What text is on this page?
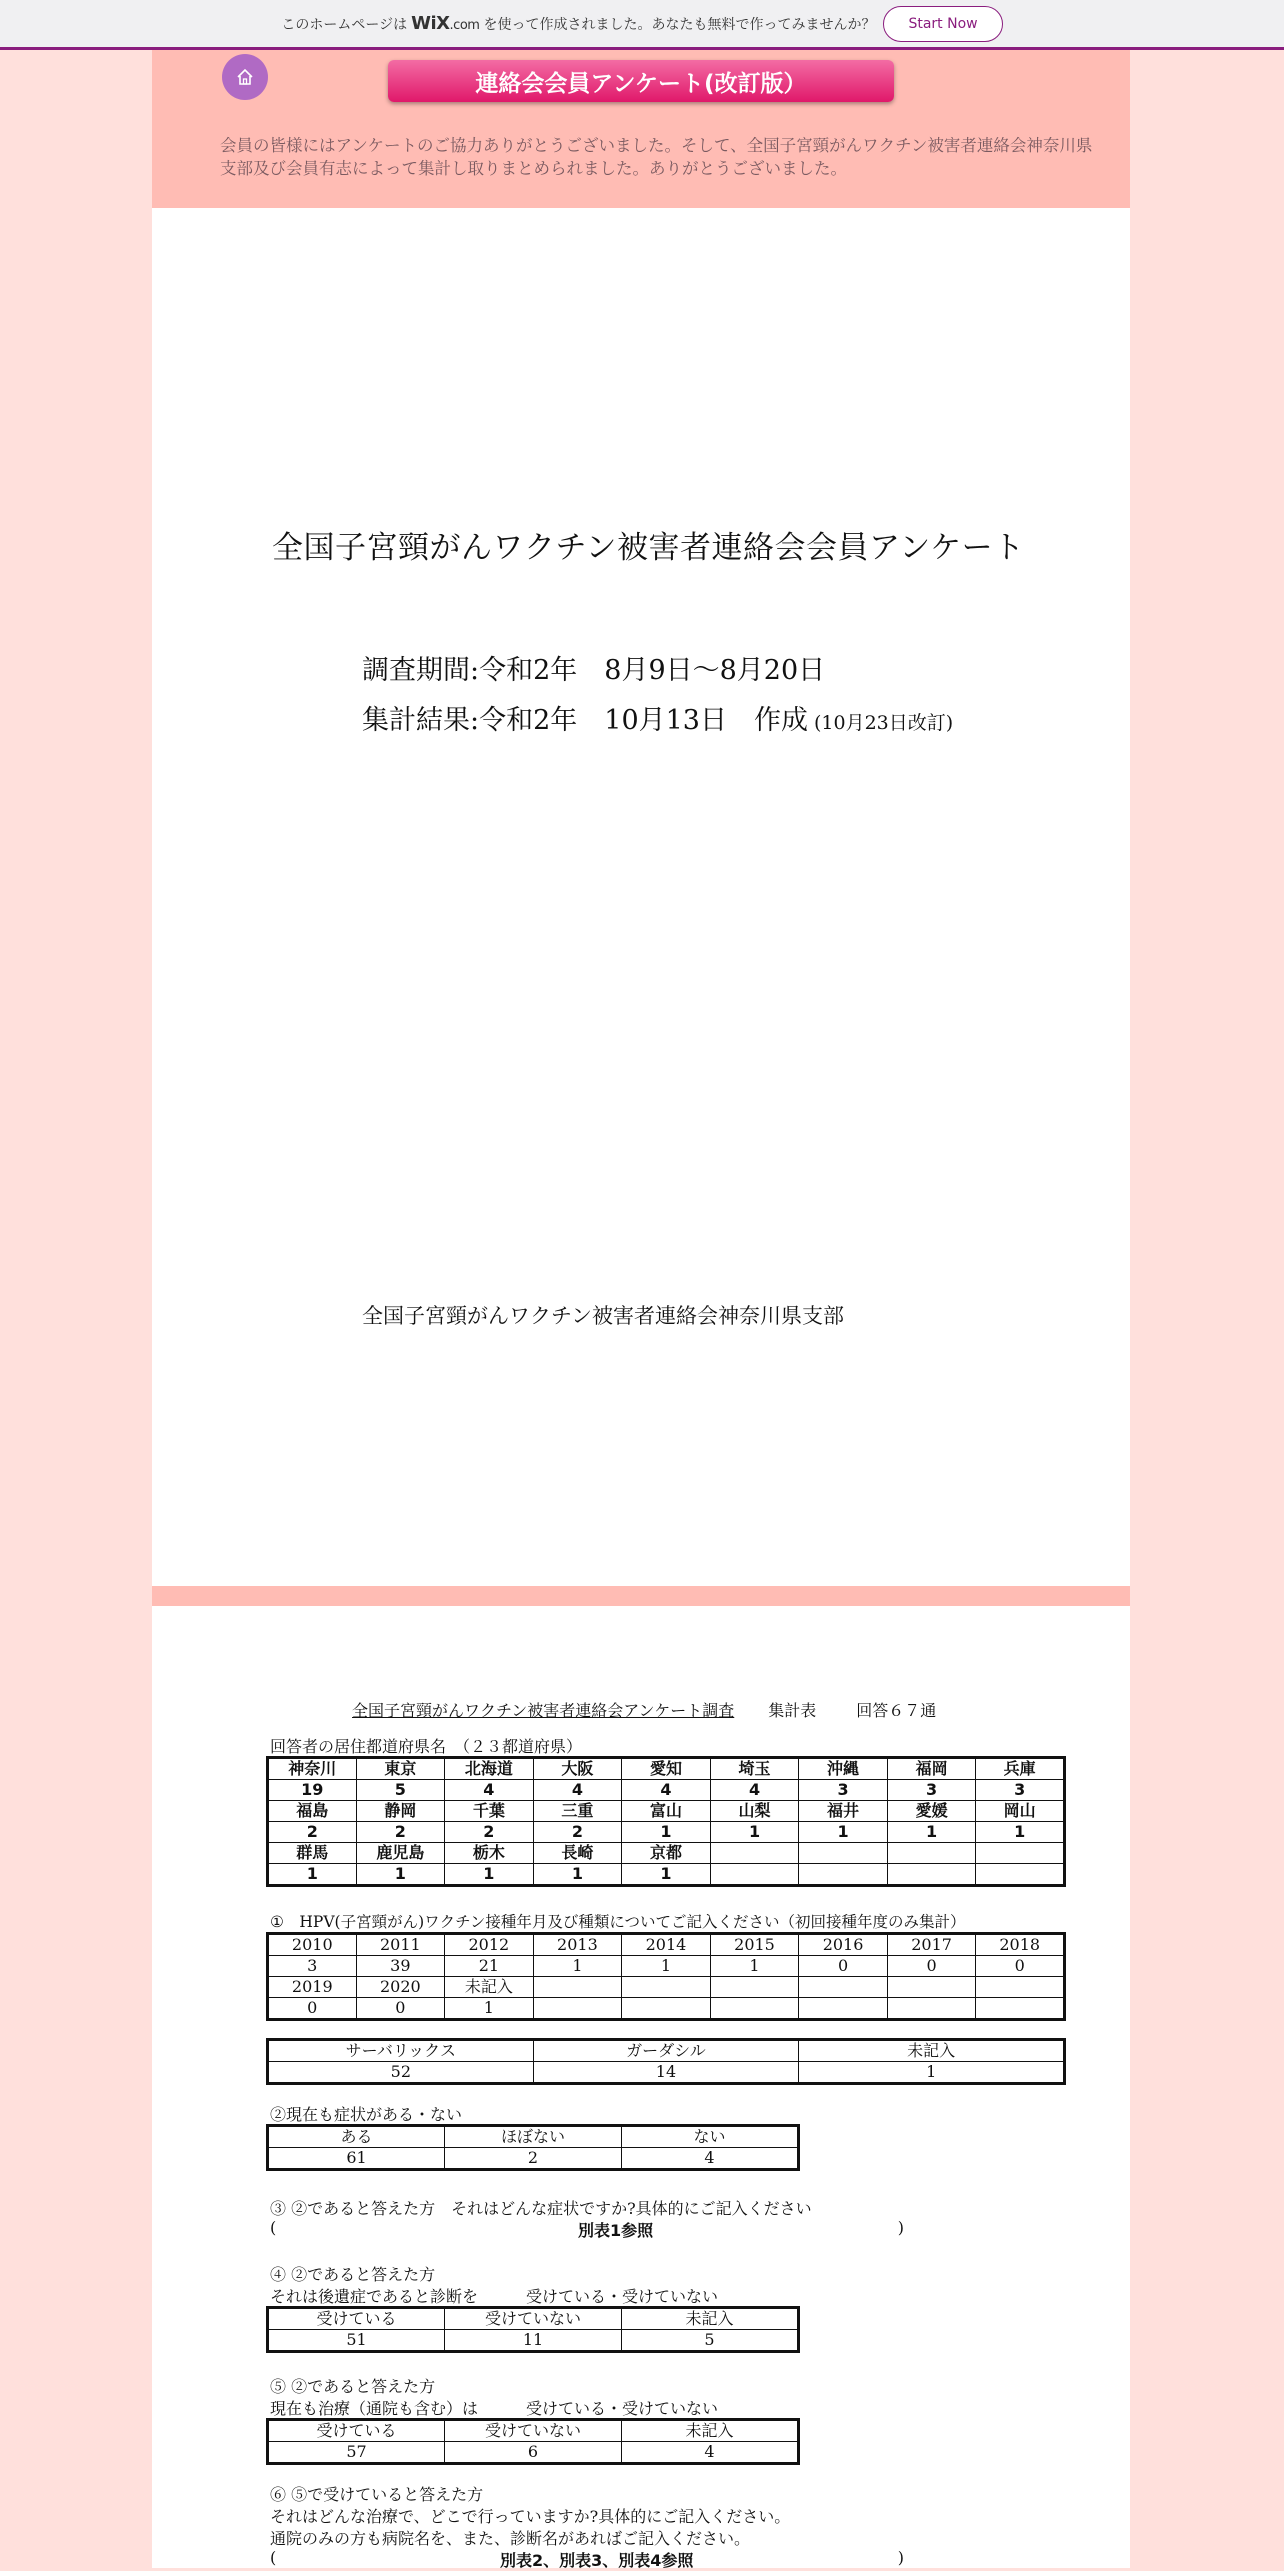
このホームページは WiX.com を使って作成されました。あなたも無料で作ってみませんか？	Start Now
連絡会会員アンケート(改訂版）
会員の皆様にはアンケートのご協力ありがとうございました。そして、全国子宮頸がんワクチン被害者連絡会神奈川県支部及び会員有志によって集計し取りまとめられました。ありがとうございました。
全国子宮頸がんワクチン被害者連絡会会員アンケート
調査期間:令和2年　8月9日～8月20日
集計結果:令和2年　10月13日　作成 (10月23日改訂)
全国子宮頸がんワクチン被害者連絡会神奈川県支部
全国子宮頸がんワクチン被害者連絡会アンケート調査 集計表	回答６７通
回答者の居住都道府県名　（２３都道府県）
神奈川	東京	北海道	大阪	愛知	埼玉	沖縄	福岡	兵庫
19	5	4	4	4	4	3	3	3
福島	静岡	千葉	三重	富山	山梨	福井	愛媛	岡山
2	2	2	2	1	1	1	1	1
群馬	鹿児島	栃木	長崎	京都				
1	1	1	1	1				
①　HPV(子宮頸がん)ワクチン接種年月及び種類についてご記入ください（初回接種年度のみ集計）
2010	2011	2012	2013	2014	2015	2016	2017	2018
3	39	21	1	1	1	0	0	0
2019	2020	未記入						
0	0	1						
サーバリックス	ガーダシル	未記入
52	14	1
②現在も症状がある・ない
ある	ほぼない	ない
61	2	4
③ ②であると答えた方　それはどんな症状ですか?具体的にご記入ください
(	別表1参照	)
④ ②であると答えた方
それは後遺症であると診断を　　　受けている・受けていない
受けている	受けていない	未記入
51	11	5
⑤ ②であると答えた方
現在も治療（通院も含む）は　　　受けている・受けていない
受けている	受けていない	未記入
57	6	4
⑥ ⑤で受けていると答えた方
それはどんな治療で、どこで行っていますか?具体的にご記入ください。
通院のみの方も病院名を、また、診断名があればご記入ください。
(	別表2、別表3、別表4参照	)
